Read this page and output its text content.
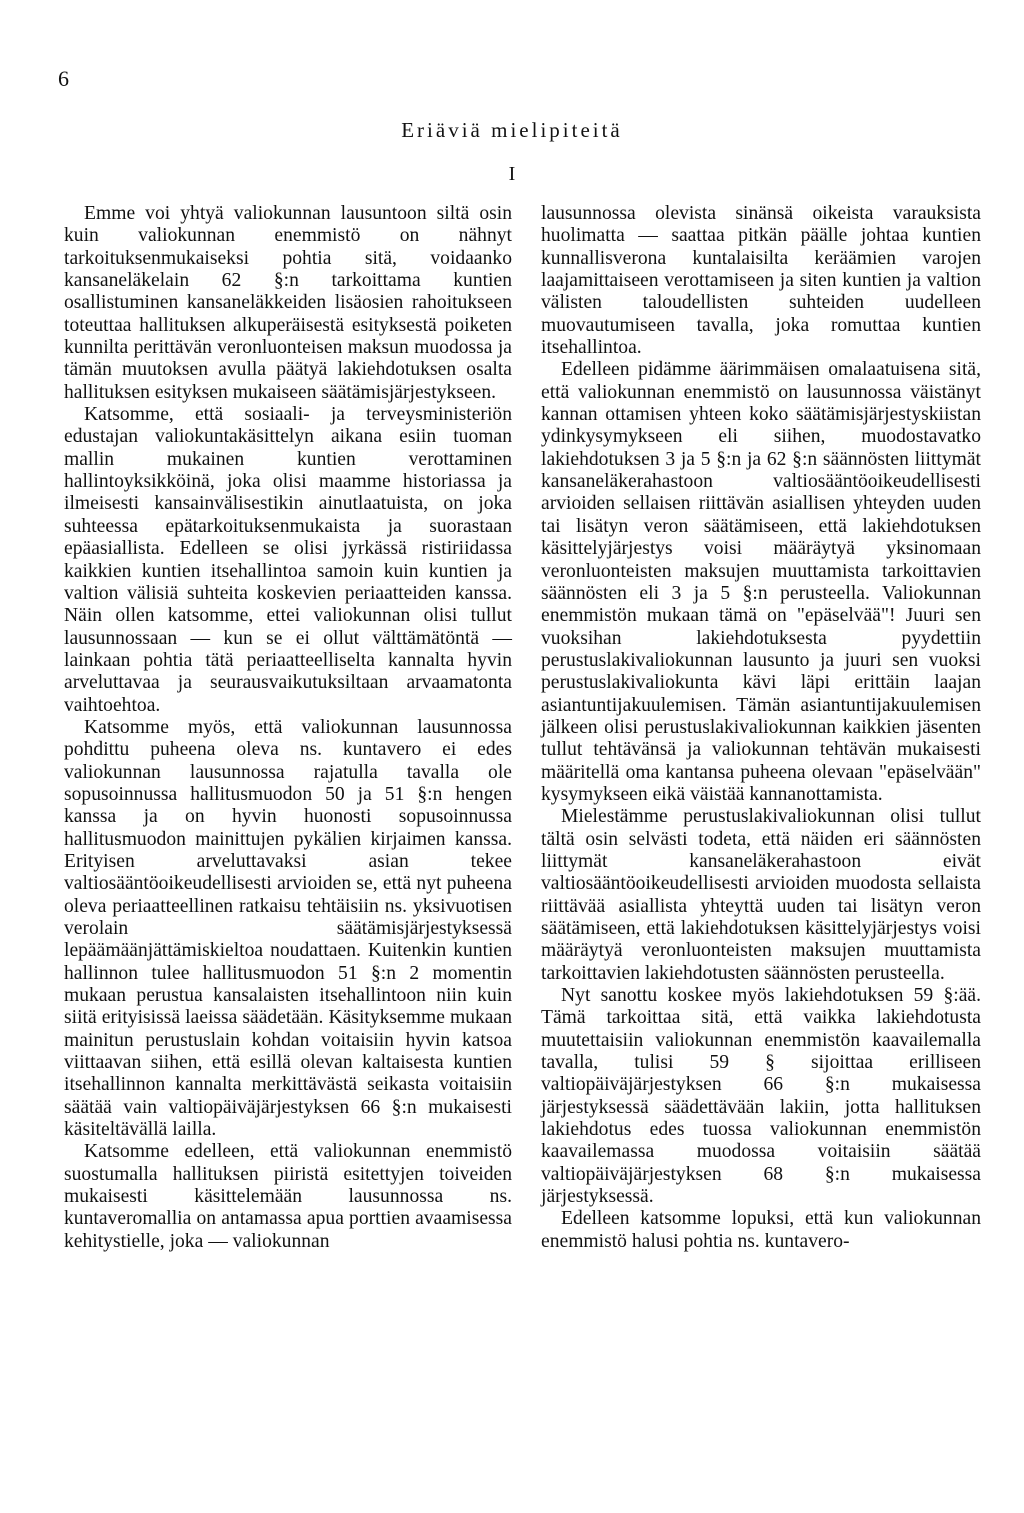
6
Eriäviä mielipiteitä
I

Emme voi yhtyä valiokunnan lausuntoon siltä osin kuin valiokunnan enemmistö on nähnyt tarkoituksenmukaiseksi pohtia sitä, voidaanko kansaneläkelain 62 §:n tarkoittama kuntien osallistuminen kansaneläkkeiden lisäosien rahoitukseen toteuttaa hallituksen alkuperäisestä esityksestä poiketen kunnilta perittävän veronluonteisen maksun muodossa ja tämän muutoksen avulla päätyä lakiehdotuksen osalta hallituksen esityksen mukaiseen säätämisjärjestykseen.

Katsomme, että sosiaali- ja terveysministeriön edustajan valiokuntakäsittelyn aikana esiin tuoman mallin mukainen kuntien verottaminen hallintoyksikköinä, joka olisi maamme historiassa ja ilmeisesti kansainvälisestikin ainutlaatuista, on joka suhteessa epätarkoituksenmukaista ja suorastaan epäasiallista. Edelleen se olisi jyrkässä ristiriidassa kaikkien kuntien itsehallintoa samoin kuin kuntien ja valtion välisiä suhteita koskevien periaatteiden kanssa. Näin ollen katsomme, ettei valiokunnan olisi tullut lausunnossaan — kun se ei ollut välttämätöntä — lainkaan pohtia tätä periaatteelliselta kannalta hyvin arveluttavaa ja seurausvaikutuksiltaan arvaamatonta vaihtoehtoa.

Katsomme myös, että valiokunnan lausunnossa pohdittu puheena oleva ns. kuntavero ei edes valiokunnan lausunnossa rajatulla tavalla ole sopusoinnussa hallitusmuodon 50 ja 51 §:n hengen kanssa ja on hyvin huonosti sopusoinnussa hallitusmuodon mainittujen pykälien kirjaimen kanssa. Erityisen arveluttavaksi asian tekee valtiosääntöoikeudellisesti arvioiden se, että nyt puheena oleva periaatteellinen ratkaisu tehtäisiin ns. yksivuotisen verolain säätämisjärjestyksessä lepäämäänjättämiskieltoa noudattaen. Kuitenkin kuntien hallinnon tulee hallitusmuodon 51 §:n 2 momentin mukaan perustua kansalaisten itsehallintoon niin kuin siitä erityisissä laeissa säädetään. Käsityksemme mukaan mainitun perustuslain kohdan voitaisiin hyvin katsoa viittaavan siihen, että esillä olevan kaltaisesta kuntien itsehallinnon kannalta merkittävästä seikasta voitaisiin säätää vain valtiopäiväjärjestyksen 66 §:n mukaisesti käsiteltävällä lailla.

Katsomme edelleen, että valiokunnan enemmistö suostumalla hallituksen piiristä esitettyjen toiveiden mukaisesti käsittelemään lausunnossa ns. kuntaveromallia on antamassa apua porttien avaamisessa kehitystielle, joka — valiokunnan

lausunnossa olevista sinänsä oikeista varauksista huolimatta — saattaa pitkän päälle johtaa kuntien kunnallisverona kuntalaisilta keräämien varojen laajamittaiseen verottamiseen ja siten kuntien ja valtion välisten taloudellisten suhteiden uudelleen muovautumiseen tavalla, joka romuttaa kuntien itsehallintoa.

Edelleen pidämme äärimmäisen omalaatuisena sitä, että valiokunnan enemmistö on lausunnossa väistänyt kannan ottamisen yhteen koko säätämisjärjestyskiistan ydinkysymykseen eli siihen, muodostavatko lakiehdotuksen 3 ja 5 §:n ja 62 §:n säännösten liittymät kansaneläkerahastoon valtiosääntöoikeudellisesti arvioiden sellaisen riittävän asiallisen yhteyden uuden tai lisätyn veron säätämiseen, että lakiehdotuksen käsittelyjärjestys voisi määräytyä yksinomaan veronluonteisten maksujen muuttamista tarkoittavien säännösten eli 3 ja 5 §:n perusteella. Valiokunnan enemmistön mukaan tämä on "epäselvää"! Juuri sen vuoksihan lakiehdotuksesta pyydettiin perustuslakivaliokunnan lausunto ja juuri sen vuoksi perustuslakivaliokunta kävi läpi erittäin laajan asiantuntijakuulemisen. Tämän asiantuntijakuulemisen jälkeen olisi perustuslakivaliokunnan kaikkien jäsenten tullut tehtävänsä ja valiokunnan tehtävän mukaisesti määritellä oma kantansa puheena olevaan "epäselvään" kysymykseen eikä väistää kannanottamista.

Mielestämme perustuslakivaliokunnan olisi tullut tältä osin selvästi todeta, että näiden eri säännösten liittymät kansaneläkerahastoon eivät valtiosääntöoikeudellisesti arvioiden muodosta sellaista riittävää asiallista yhteyttä uuden tai lisätyn veron säätämiseen, että lakiehdotuksen käsittelyjärjestys voisi määräytyä veronluonteisten maksujen muuttamista tarkoittavien lakiehdotusten säännösten perusteella.

Nyt sanottu koskee myös lakiehdotuksen 59 §:ää. Tämä tarkoittaa sitä, että vaikka lakiehdotusta muutettaisiin valiokunnan enemmistön kaavailemalla tavalla, tulisi 59 § sijoittaa erilliseen valtiopäiväjärjestyksen 66 §:n mukaisessa järjestyksessä säädettävään lakiin, jotta hallituksen lakiehdotus edes tuossa valiokunnan enemmistön kaavailemassa muodossa voitaisiin säätää valtiopäiväjärjestyksen 68 §:n mukaisessa järjestyksessä.

Edelleen katsomme lopuksi, että kun valiokunnan enemmistö halusi pohtia ns. kuntavero-
